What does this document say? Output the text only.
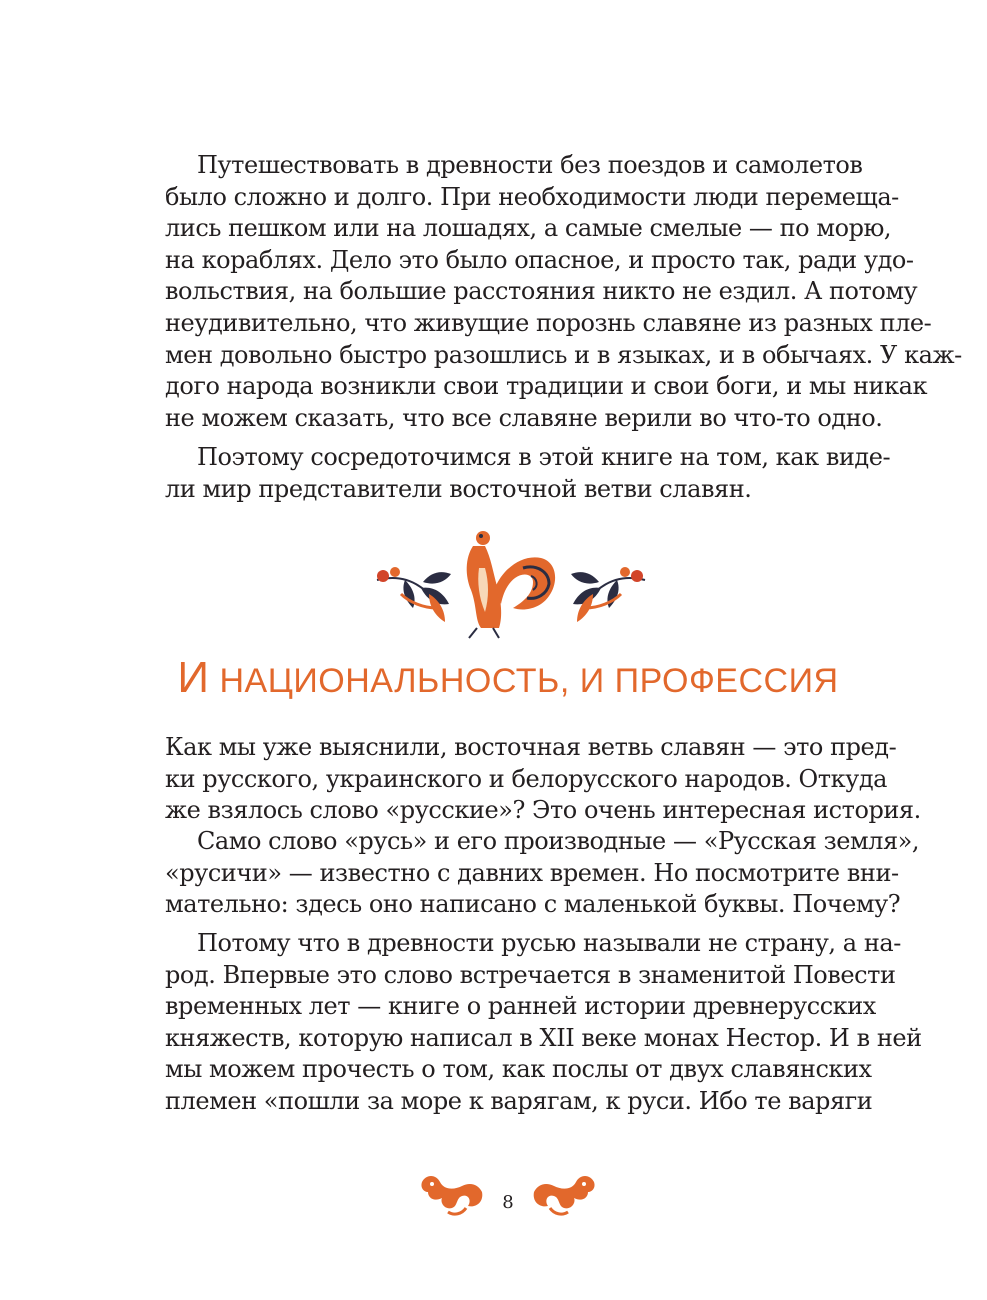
Путешествовать в древности без поездов и самолетов
было сложно и долго. При необходимости люди перемеща-
лись пешком или на лошадях, а самые смелые — по морю,
на кораблях. Дело это было опасное, и просто так, ради удо-
вольствия, на большие расстояния никто не ездил. А потому
неудивительно, что живущие порознь славяне из разных пле-
мен довольно быстро разошлись и в языках, и в обычаях. У каж-
дого народа возникли свои традиции и свои боги, и мы никак
не можем сказать, что все славяне верили во что-то одно.
Поэтому сосредоточимся в этой книге на том, как виде-
ли мир представители восточной ветви славян.
И НАЦИОНАЛЬНОСТЬ, И ПРОФЕССИЯ
Как мы уже выяснили, восточная ветвь славян — это пред-
ки русского, украинского и белорусского народов. Откуда
же взялось слово «русские»? Это очень интересная история.
Само слово «русь» и его производные — «Русская земля»,
«русичи» — известно с давних времен. Но посмотрите вни-
мательно: здесь оно написано с маленькой буквы. Почему?
Потому что в древности русью называли не страну, а на-
род. Впервые это слово встречается в знаменитой Повести
временных лет — книге о ранней истории древнерусских
княжеств, которую написал в XII веке монах Нестор. И в ней
мы можем прочесть о том, как послы от двух славянских
племен «пошли за море к варягам, к руси. Ибо те варяги
8
